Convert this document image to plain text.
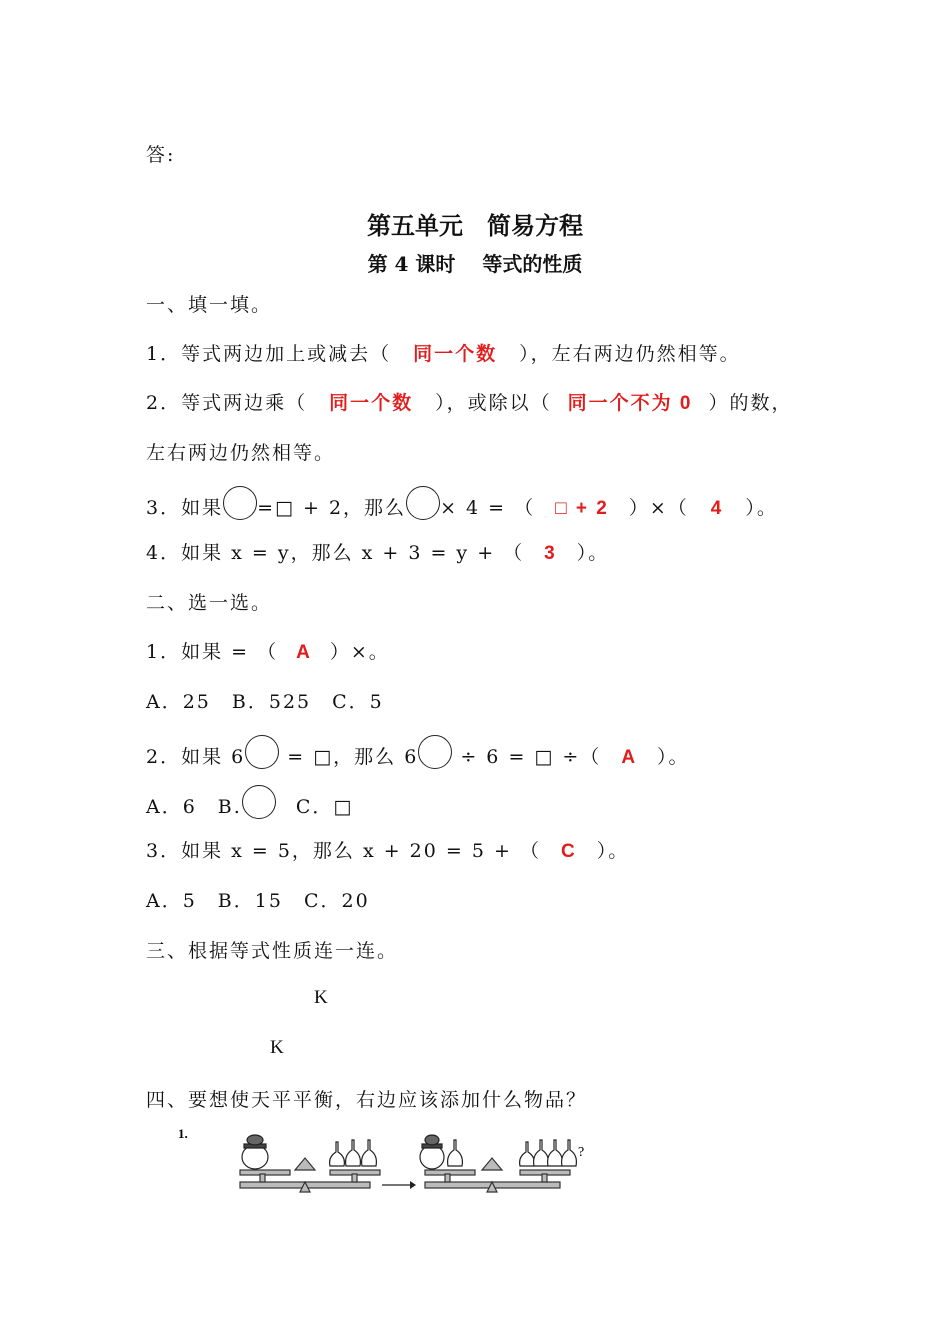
答:
第五单元　简易方程
第 4 课时　 等式的性质
一、填一填。
1．等式两边加上或减去（ 同一个数 ），左右两边仍然相等。
2．等式两边乘（ 同一个数 ），或除以（ 同一个不为 0 ）的数，
左右两边仍然相等。
3．如果 =□ + 2，那么 × 4 = （ □ + 2 ）×（ 4 ）。
4．如果 x = y，那么 x + 3 = y + （ 3 ）。
二、选一选。
1．如果 = （ A ）×。
A．25　B．525　C．5
2．如果 6 = □，那么 6 ÷ 6 = □ ÷（ A ）。
A．6　B.	C．□
3．如果 x = 5，那么 x + 20 = 5 + （ C ）。
A．5　B．15　C．20
三、根据等式性质连一连。
K
K
四、要想使天平平衡，右边应该添加什么物品？
1.
?
